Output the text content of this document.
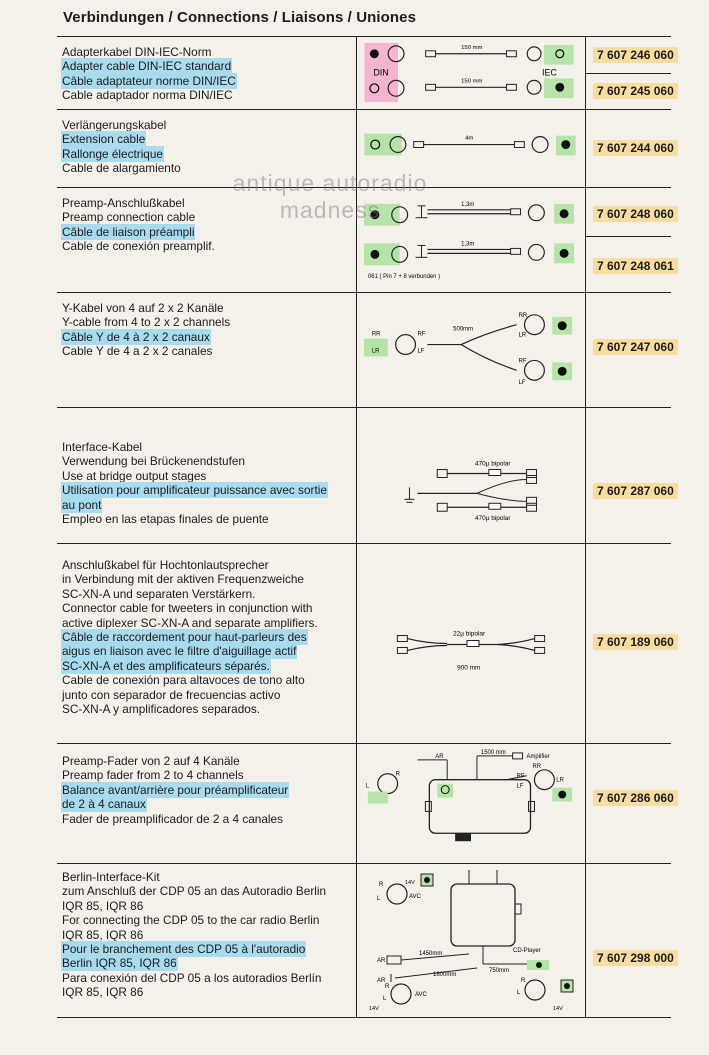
Verbindungen / Connections / Liaisons / Uniones
Adapterkabel DIN-IEC-Norm
Adapter cable DIN-IEC standard
Câble adaptateur norme DIN/IEC
Cable adaptador norma DIN/IEC
DIN	IEC
150 mm
150 mm
7 607 246 060
7 607 245 060
Verlängerungskabel
Extension cable
Rallonge électrique
Cable de alargamiento
4m
7 607 244 060
Preamp-Anschlußkabel
Preamp connection cable
Câble de liaison préampli
Cable de conexión preamplif.
1,3m
1,3m
061 ( Pin 7 + 8 verbunden )
7 607 248 060
7 607 248 061
Y-Kabel von 4 auf 2 x 2 Kanäle
Y-cable from 4 to 2 x 2 channels
Câble Y de 4 à 2 x 2 canaux
Cable Y de 4 a 2 x 2 canales
RR	RF
LR	LF
500mm
RR
LR
RF
LF
7 607 247 060
Interface-Kabel
Verwendung bei Brückenendstufen
Use at bridge output stages
Utilisation pour amplificateur puissance avec sortie
au pont
Empleo en las etapas finales de puente
470µ bipolar
470µ bipolar
7 607 287 060
Anschlußkabel für Hochtonlautsprecher
in Verbindung mit der aktiven Frequenzweiche
SC-XN-A und separaten Verstärkern.
Connector cable for tweeters in conjunction with
active diplexer SC-XN-A and separate amplifiers.
Câble de raccordement pour haut-parleurs des
aigus en liaison avec le filtre d'aiguillage actif
SC-XN-A et des amplificateurs séparés.
Cable de conexión para altavoces de tono alto
junto con separador de frecuencias activo
SC-XN-A y amplificadores separados.
22µ bipolar
900 mm
7 607 189 060
Preamp-Fader von 2 auf 4 Kanäle
Preamp fader from 2 to 4 channels
Balance avant/arrière pour préamplificateur
de 2 à 4 canaux
Fader de preamplificador de 2 a 4 canales
AR
R
L
1500 mm
Amplifier
RR
RF
LF
LR
7 607 286 060
Berlin-Interface-Kit
zum Anschluß der CDP 05 an das Autoradio Berlin
IQR 85, IQR 86
For connecting the CDP 05 to the car radio Berlin
IQR 85, IQR 86
Pour le branchement des CDP 05 à l'autoradio
Berlin IQR 85, IQR 86
Para conexión del CDP 05 a los autoradios Berlín
IQR 85, IQR 86
R
L	AVC
14V
AR
1450mm
AR
1600mm
750mm
CD-Player
R
L
AVC
14V
R
L
14V
7 607 298 000
antique autoradio
madness
